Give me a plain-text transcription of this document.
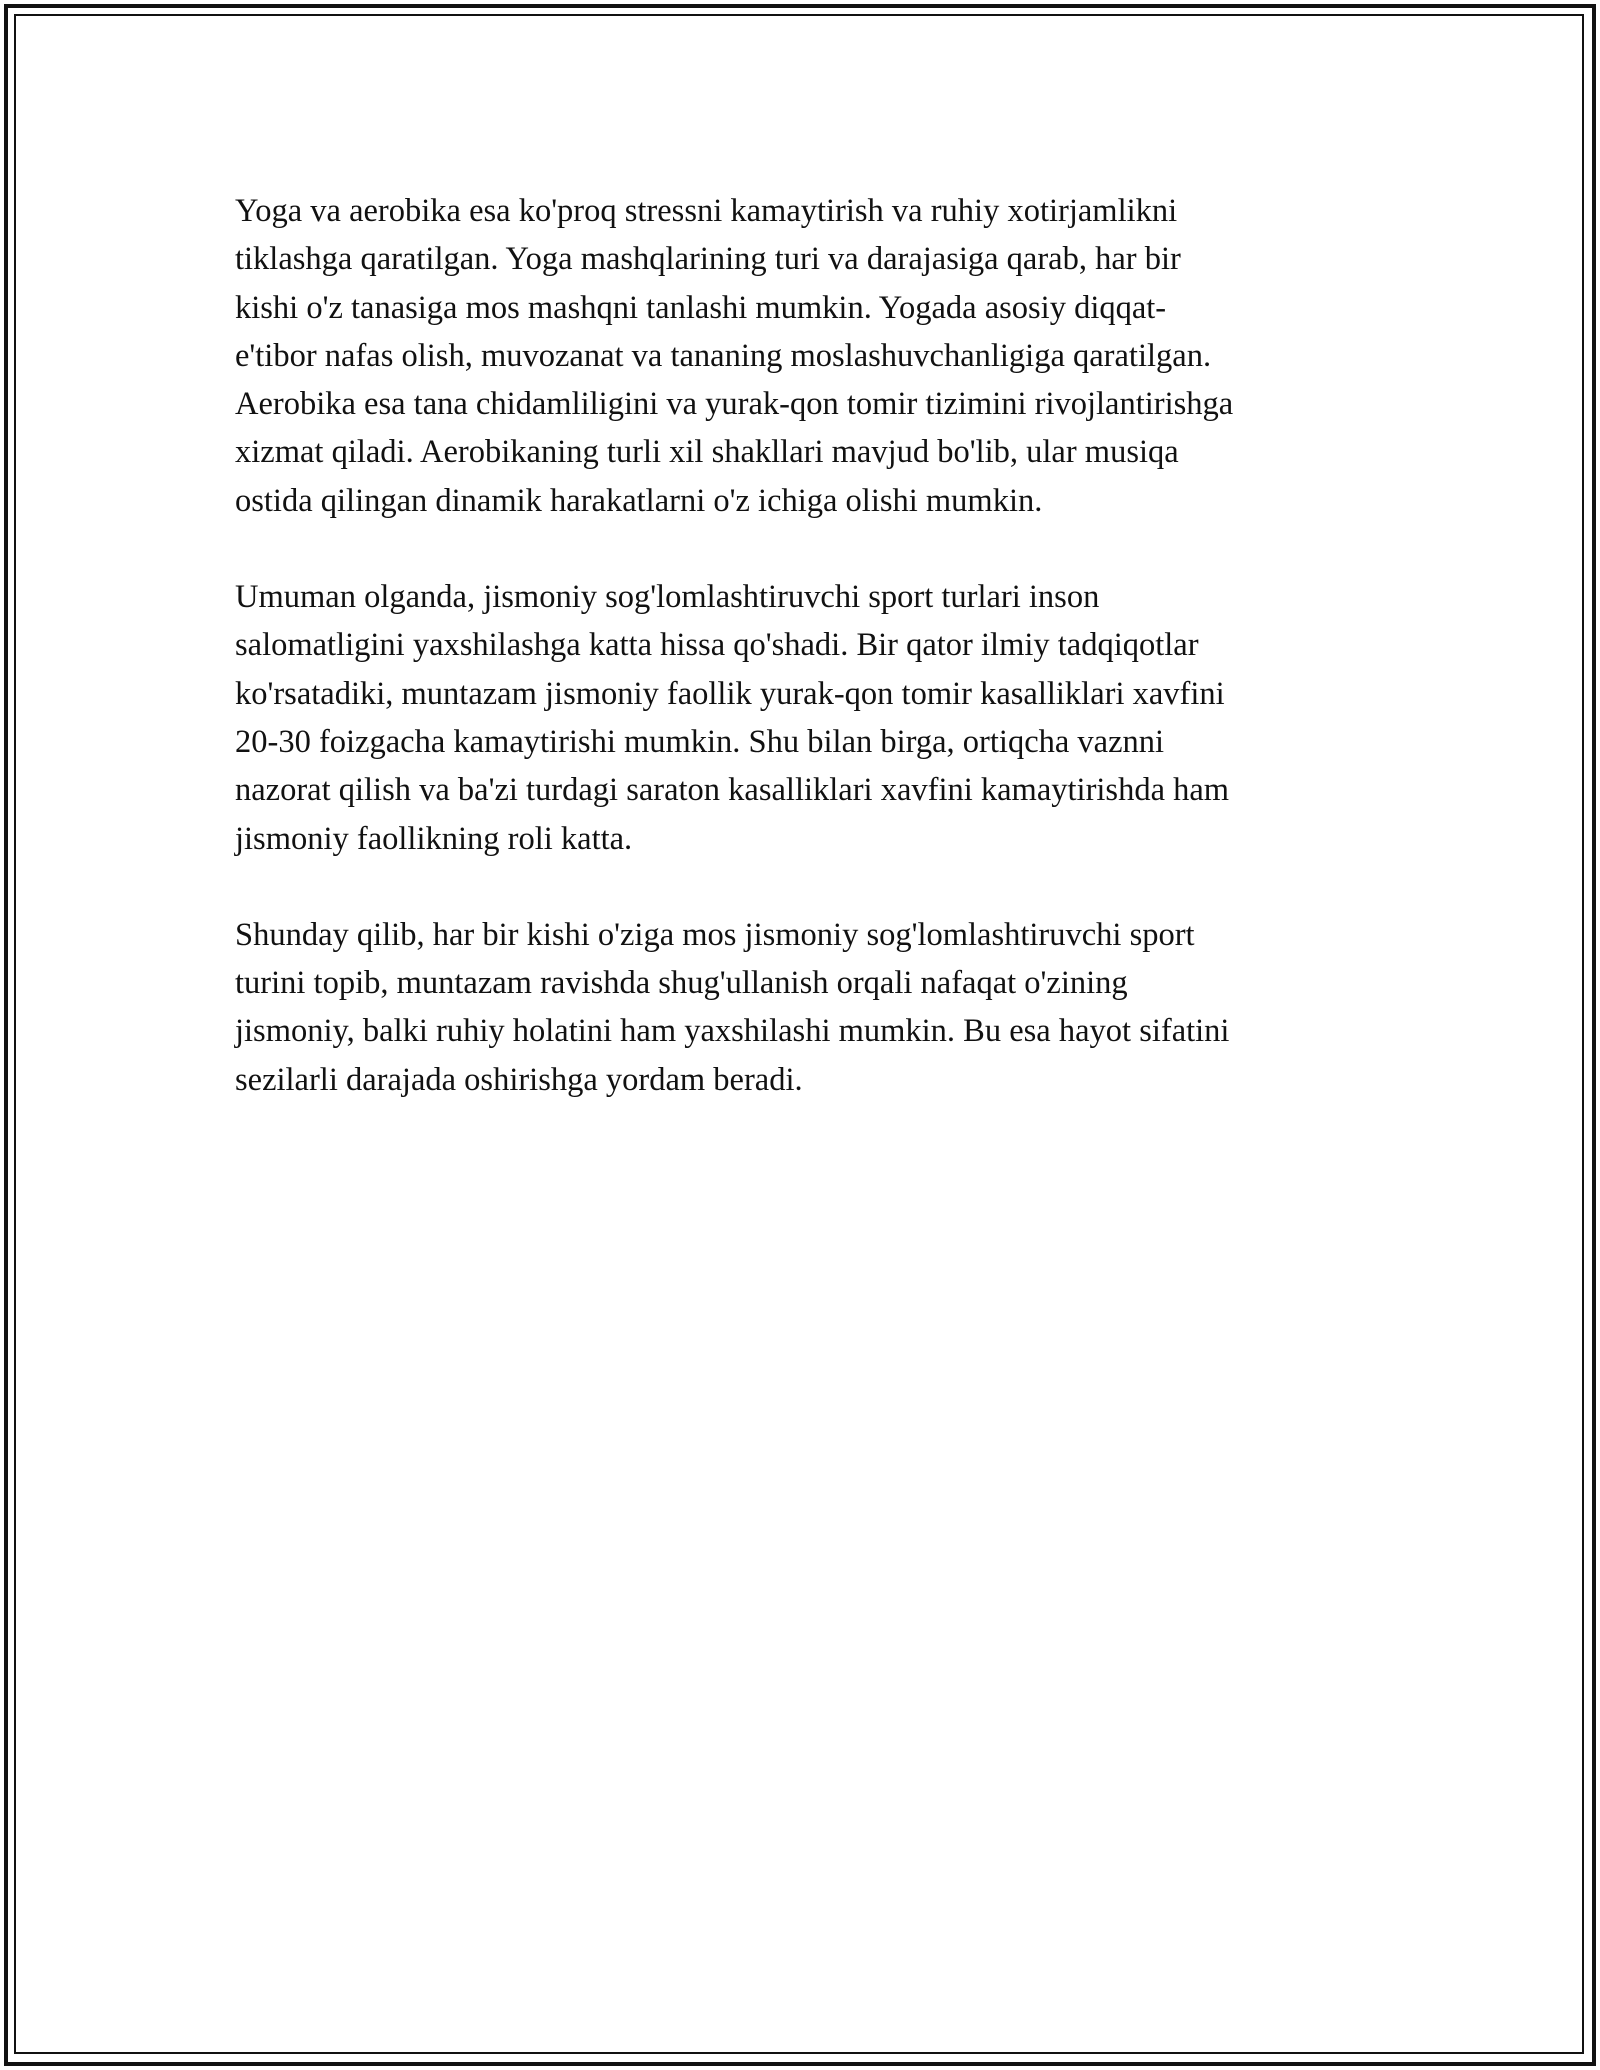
Yoga va aerobika esa ko'proq stressni kamaytirish va ruhiy xotirjamlikni
tiklashga qaratilgan. Yoga mashqlarining turi va darajasiga qarab, har bir
kishi o'z tanasiga mos mashqni tanlashi mumkin. Yogada asosiy diqqat-
e'tibor nafas olish, muvozanat va tananing moslashuvchanligiga qaratilgan.
Aerobika esa tana chidamliligini va yurak-qon tomir tizimini rivojlantirishga
xizmat qiladi. Aerobikaning turli xil shakllari mavjud bo'lib, ular musiqa
ostida qilingan dinamik harakatlarni o'z ichiga olishi mumkin.

Umuman olganda, jismoniy sog'lomlashtiruvchi sport turlari inson
salomatligini yaxshilashga katta hissa qo'shadi. Bir qator ilmiy tadqiqotlar
ko'rsatadiki, muntazam jismoniy faollik yurak-qon tomir kasalliklari xavfini
20-30 foizgacha kamaytirishi mumkin. Shu bilan birga, ortiqcha vaznni
nazorat qilish va ba'zi turdagi saraton kasalliklari xavfini kamaytirishda ham
jismoniy faollikning roli katta.

Shunday qilib, har bir kishi o'ziga mos jismoniy sog'lomlashtiruvchi sport
turini topib, muntazam ravishda shug'ullanish orqali nafaqat o'zining
jismoniy, balki ruhiy holatini ham yaxshilashi mumkin. Bu esa hayot sifatini
sezilarli darajada oshirishga yordam beradi.
